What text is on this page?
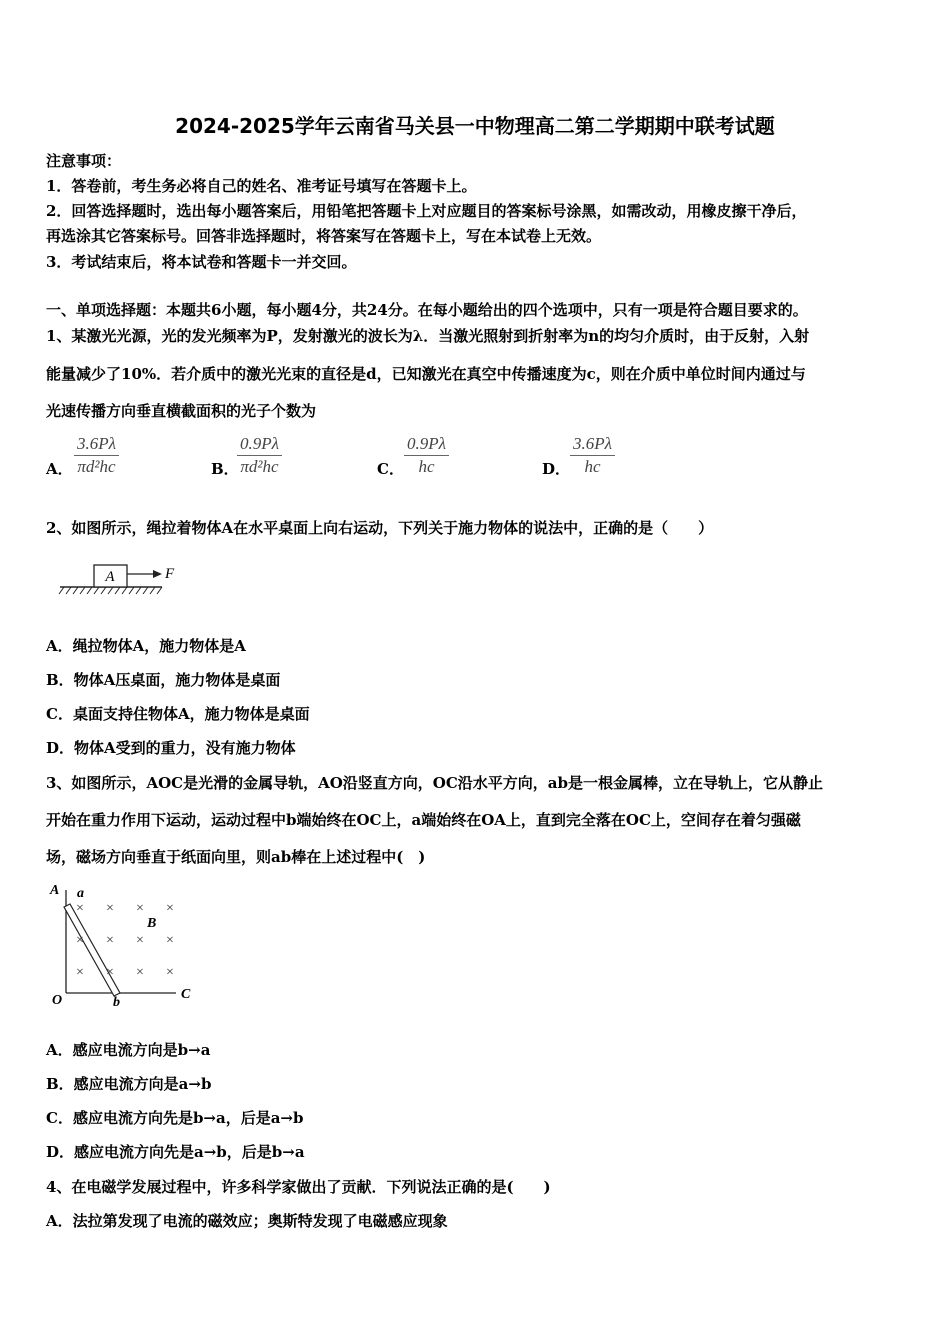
2024-2025学年云南省马关县一中物理高二第二学期期中联考试题
注意事项：
1．答卷前，考生务必将自己的姓名、准考证号填写在答题卡上。
2．回答选择题时，选出每小题答案后，用铅笔把答题卡上对应题目的答案标号涂黑，如需改动，用橡皮擦干净后，
再选涂其它答案标号。回答非选择题时，将答案写在答题卡上，写在本试卷上无效。
3．考试结束后，将本试卷和答题卡一并交回。
一、单项选择题：本题共6小题，每小题4分，共24分。在每小题给出的四个选项中，只有一项是符合题目要求的。
1、某激光光源，光的发光频率为P，发射激光的波长为λ．当激光照射到折射率为n的均匀介质时，由于反射，入射
能量减少了10%．若介质中的激光光束的直径是d，已知激光在真空中传播速度为c，则在介质中单位时间内通过与
光速传播方向垂直横截面积的光子个数为
A． $\frac{3.6P\lambda}{\text{πd²hc}}$	B．
$\frac{0.9P\lambda}{\text{πd²hc}}$	C． $\frac{0.9P\lambda}{hc}$	D． $\frac{3.6P\lambda}{hc}$
2、如图所示，绳拉着物体A在水平桌面上向右运动，下列关于施力物体的说法中，正确的是（　　）
A	F
A．绳拉物体A，施力物体是A
B．物体A压桌面，施力物体是桌面
C．桌面支持住物体A，施力物体是桌面
D．物体A受到的重力，没有施力物体
3、如图所示，AOC是光滑的金属导轨，AO沿竖直方向，OC沿水平方向，ab是一根金属棒，立在导轨上，它从静止
开始在重力作用下运动，运动过程中b端始终在OC上，a端始终在OA上，直到完全落在OC上，空间存在着匀强磁
场，磁场方向垂直于纸面向里，则ab棒在上述过程中(　)
× × × ×
× × × ×
× × × ×
A a
B
O	b
C
A．感应电流方向是b→a
B．感应电流方向是a→b
C．感应电流方向先是b→a，后是a→b
D．感应电流方向先是a→b，后是b→a
4、在电磁学发展过程中，许多科学家做出了贡献．下列说法正确的是(　　)
A．法拉第发现了电流的磁效应；奥斯特发现了电磁感应现象
